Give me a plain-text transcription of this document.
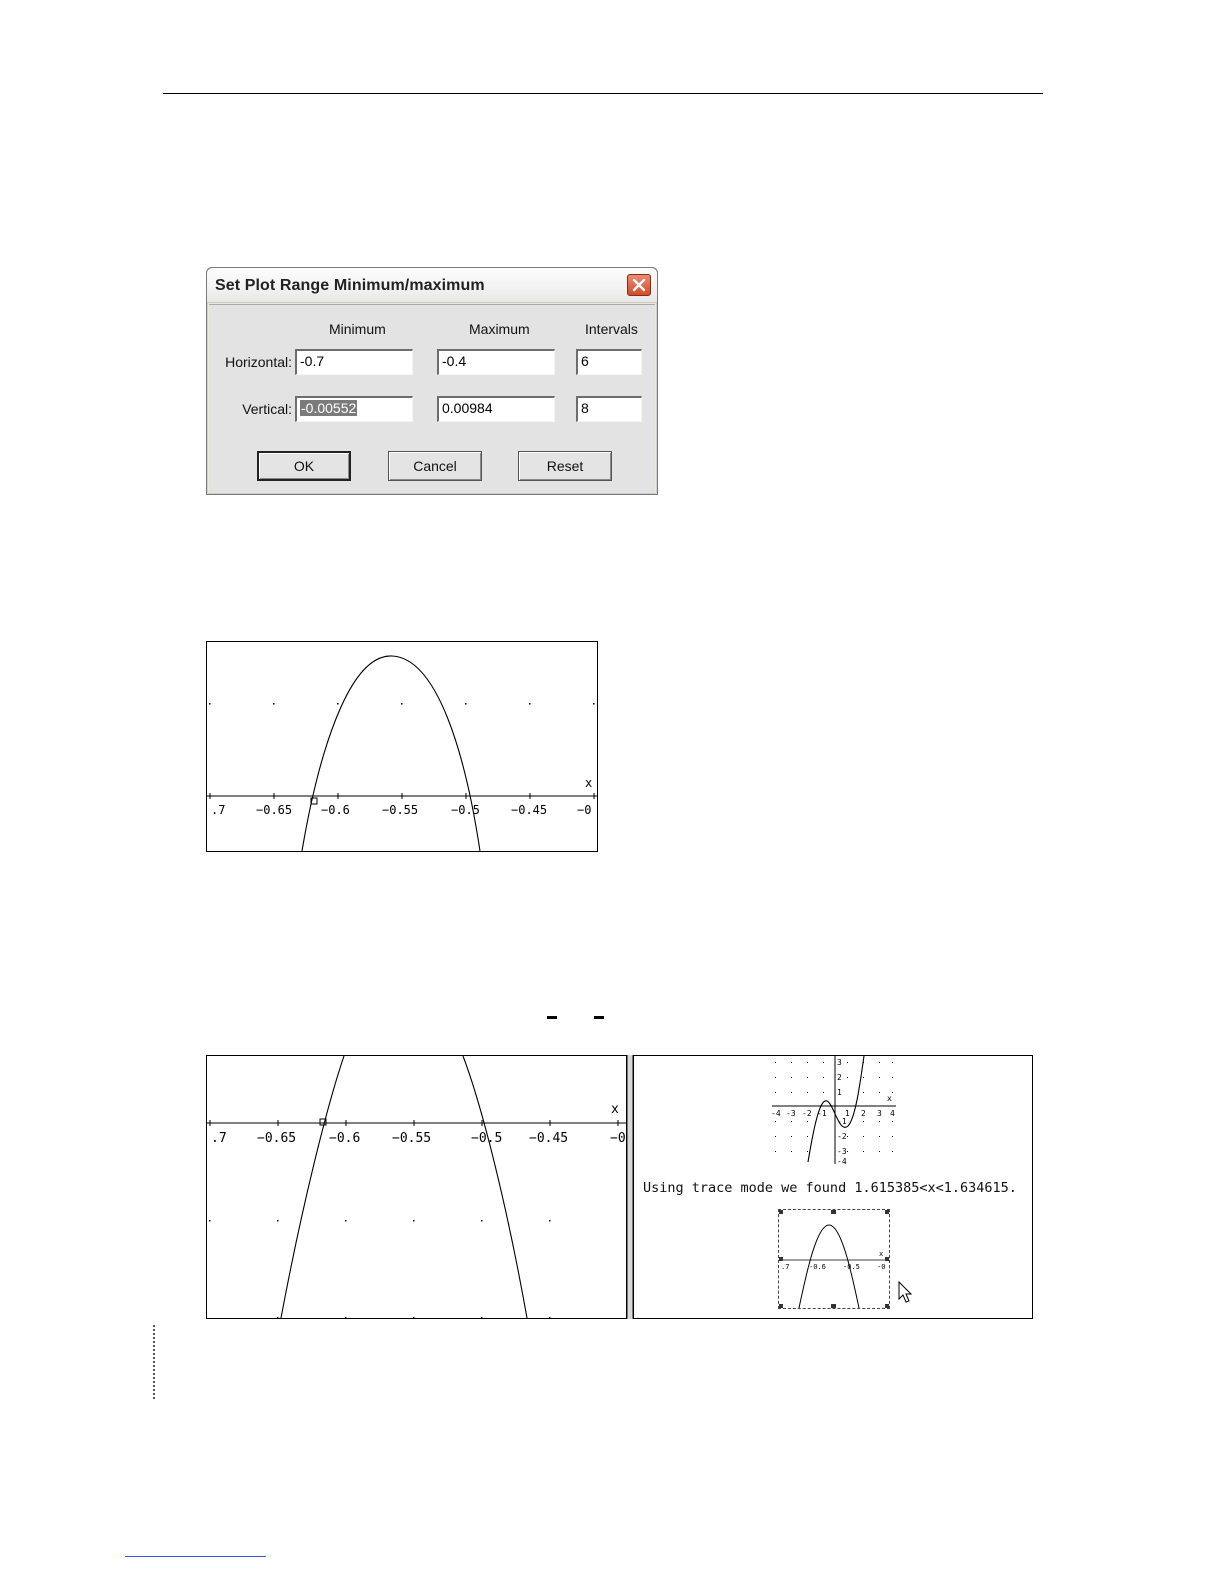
Set Plot Range Minimum/maximum
Minimum	Maximum	Intervals
Horizontal: -0.7	-0.4	6
Vertical: -0.00552	0.00984	8
OK	Cancel	Reset
x
.7	−0.65 −0.6	−0.55	−0.5	−0.45 −0
x
.7 −0.65	−0.6 −0.55	−0.5 −0.45	−0
x
-4 -3 -2 -1 1 2 3 4
3
2
1
-1
-2
-3
-4
Using trace mode we found 1.615385<x<1.634615.
x
.7	-0.6 -0.5 -0
